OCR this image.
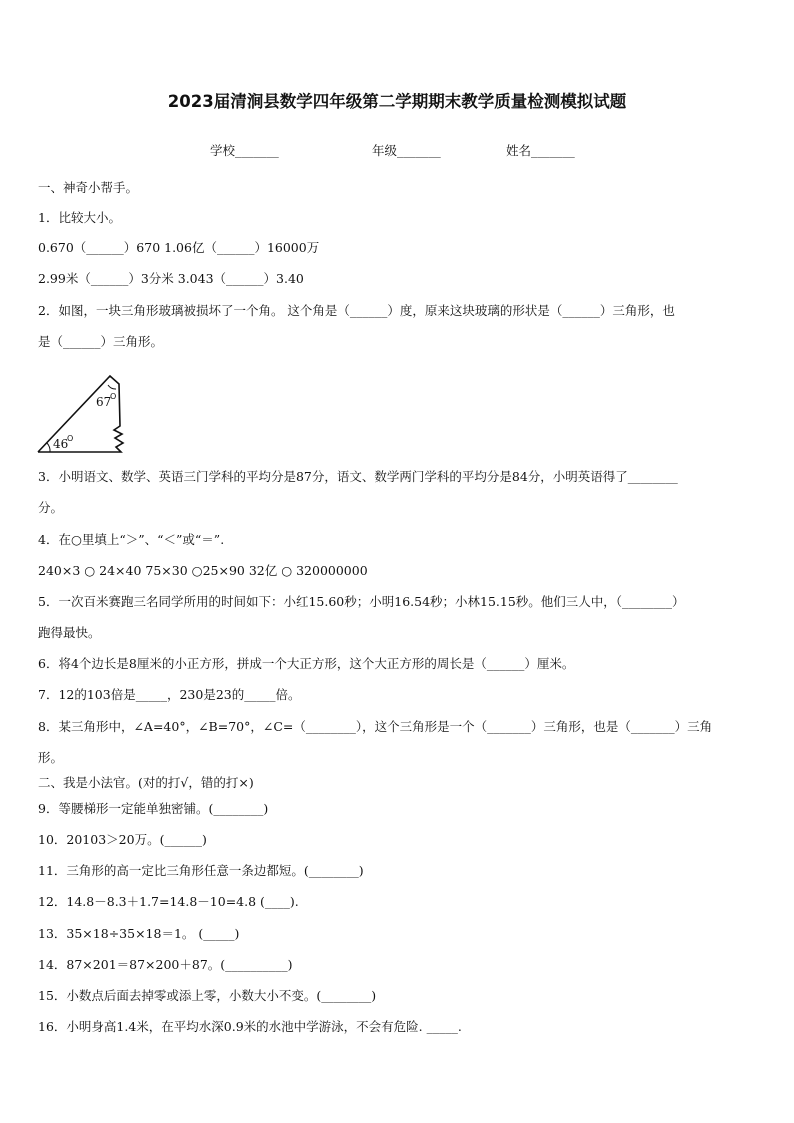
2023届清涧县数学四年级第二学期期末教学质量检测模拟试题
学校_______	年级_______	姓名_______
一、神奇小帮手。
1．比较大小。
0.670（______）670 1.06亿（______）16000万
2.99米（______）3分米 3.043（______）3.40
2．如图，一块三角形玻璃被损坏了一个角。 这个角是（______）度，原来这块玻璃的形状是（______）三角形，也
是（______）三角形。
67
O
46
O
3．小明语文、数学、英语三门学科的平均分是87分，语文、数学两门学科的平均分是84分，小明英语得了________
分。
4．在○里填上“＞”、“＜”或“＝”.
240×3 ○ 24×40 75×30 ○25×90 32亿 ○ 320000000
5．一次百米赛跑三名同学所用的时间如下：小红15.60秒；小明16.54秒；小林15.15秒。他们三人中，（________）
跑得最快。
6．将4个边长是8厘米的小正方形，拼成一个大正方形，这个大正方形的周长是（______）厘米。
7．12的103倍是_____，230是23的_____倍。
8．某三角形中，∠A=40°，∠B=70°，∠C=（________），这个三角形是一个（_______）三角形，也是（_______）三角
形。
二、我是小法官。(对的打√，错的打×)
9．等腰梯形一定能单独密铺。(________)
10．20103＞20万。(______)
11．三角形的高一定比三角形任意一条边都短。(________)
12．14.8－8.3＋1.7=14.8－10=4.8 (____).
13．35×18÷35×18＝1。 (_____)
14．87×201＝87×200＋87。(__________)
15．小数点后面去掉零或添上零，小数大小不变。(________)
16．小明身高1.4米，在平均水深0.9米的水池中学游泳，不会有危险. _____.
